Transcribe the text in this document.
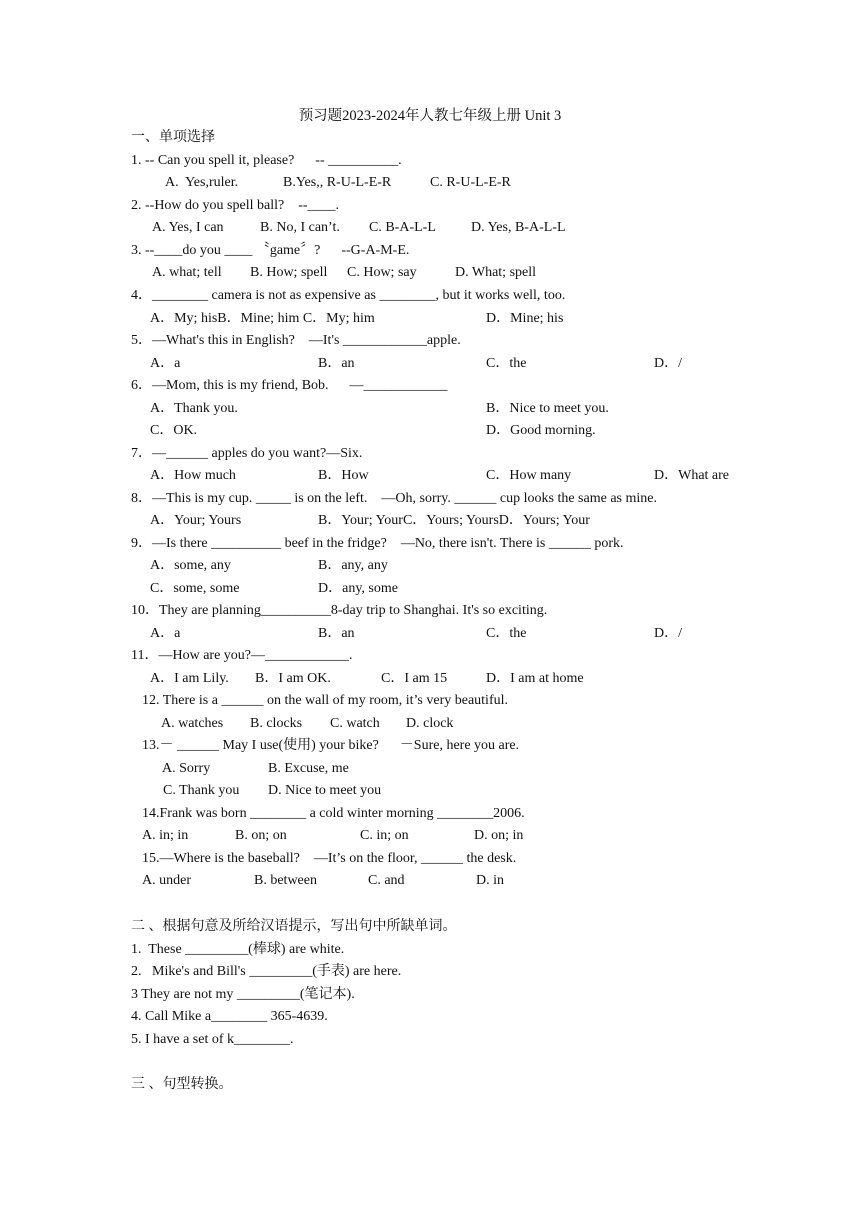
预习题2023-2024年人教七年级上册 Unit 3
一、单项选择
1. -- Can you spell it, please?      -- __________.
A.  Yes,ruler.	B.Yes,, R-U-L-E-R	C. R-U-L-E-R
2. --How do you spell ball?    --____.
A. Yes, I can	B. No, I can’t. C. B-A-L-L	D. Yes, B-A-L-L
3. --____do you ____ 〝game〞?      --G-A-M-E.
A. what; tell B. How; spell C. How; say	D. What; spell
4．________ camera is not as expensive as ________, but it works well, too.
A．My; hisB．Mine; him C．My; him	D．Mine; his
5．—What's this in English?    —It's ____________apple.
A．a	B．an	C．the	D．/
6．—Mom, this is my friend, Bob.      —____________
A．Thank you.	B．Nice to meet you.
C．OK.	D．Good morning.
7．—______ apples do you want?—Six.
A．How much	B．How	C．How many	D．What are
8．—This is my cup. _____ is on the left.    —Oh, sorry. ______ cup looks the same as mine.
A．Your; Yours	B．Your; YourC．Yours; YoursD．Yours; Your
9．—Is there __________ beef in the fridge?    —No, there isn't. There is ______ pork.
A．some, any	B．any, any
C．some, some	D．any, some
10．They are planning__________8-day trip to Shanghai. It's so exciting.
A．a	B．an	C．the	D．/
11．—How are you?—____________.
A．I am Lily. B．I am OK.	C．I am 15	D．I am at home
12. There is a ______ on the wall of my room, it’s very beautiful.
A. watches B. clocks C. watch D. clock
13.－ ______ May I use(使用) your bike?      －Sure, here you are.
A. Sorry	B. Excuse, me
C. Thank you D. Nice to meet you
14.Frank was born ________ a cold winter morning ________2006.
A. in; in	B. on; on	C. in; on	D. on; in
15.—Where is the baseball?    —It’s on the floor, ______ the desk.
A. under	B. between	C. and	D. in
二 、根据句意及所给汉语提示，写出句中所缺单词。
1.  These _________(棒球) are white.
2.   Mike's and Bill's _________(手表) are here.
3 They are not my _________(笔记本).
4. Call Mike a________ 365-4639.
5. I have a set of k________.
三 、句型转换。
